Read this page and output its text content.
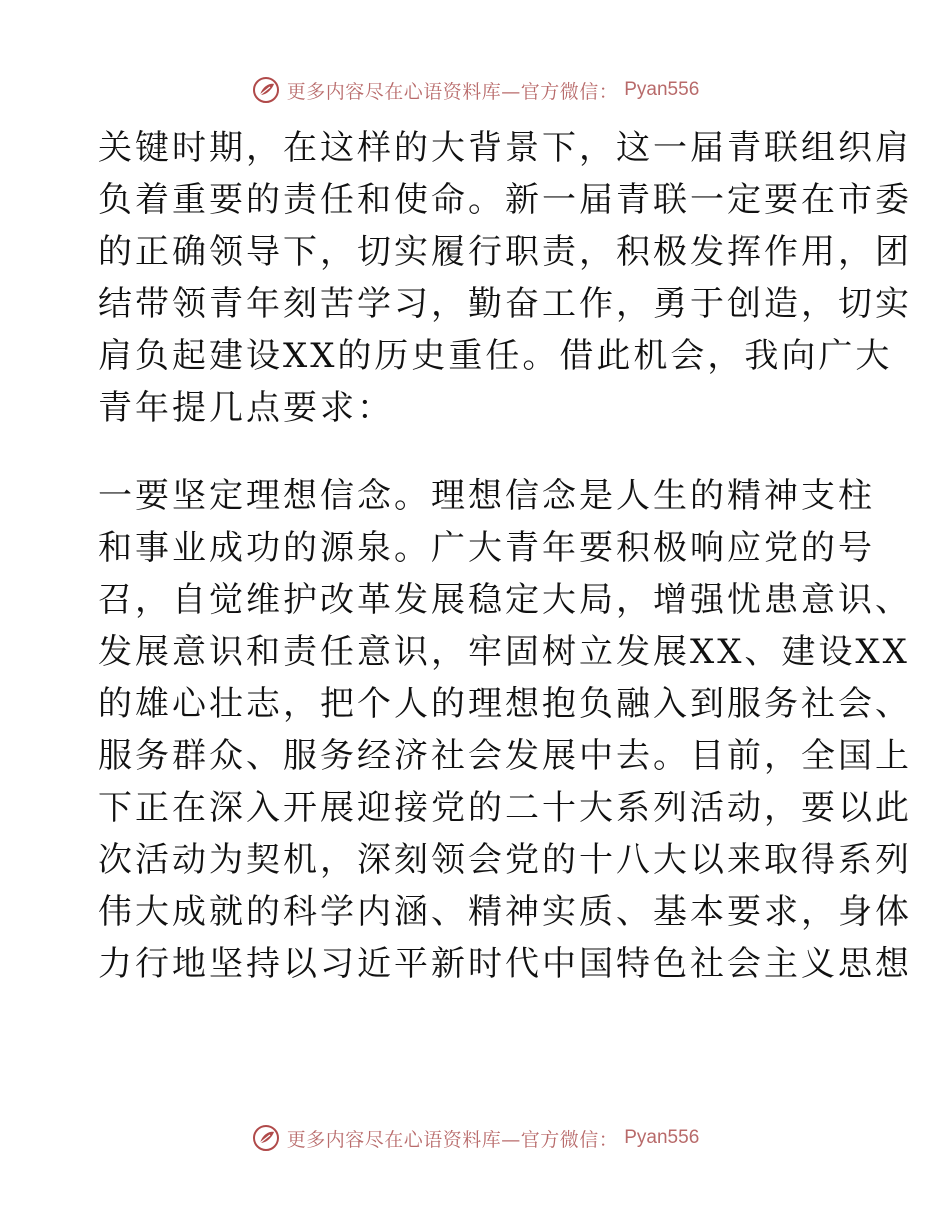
更多内容尽在心语资料库—官方微信： Pyan556
关键时期，在这样的大背景下，这一届青联组织肩
负着重要的责任和使命。新一届青联一定要在市委
的正确领导下，切实履行职责，积极发挥作用，团
结带领青年刻苦学习，勤奋工作，勇于创造，切实
肩负起建设XX的历史重任。借此机会，我向广大
青年提几点要求：
一要坚定理想信念。理想信念是人生的精神支柱
和事业成功的源泉。广大青年要积极响应党的号
召，自觉维护改革发展稳定大局，增强忧患意识、
发展意识和责任意识，牢固树立发展XX、建设XX
的雄心壮志，把个人的理想抱负融入到服务社会、
服务群众、服务经济社会发展中去。目前，全国上
下正在深入开展迎接党的二十大系列活动，要以此
次活动为契机，深刻领会党的十八大以来取得系列
伟大成就的科学内涵、精神实质、基本要求，身体
力行地坚持以习近平新时代中国特色社会主义思想
更多内容尽在心语资料库—官方微信： Pyan556
